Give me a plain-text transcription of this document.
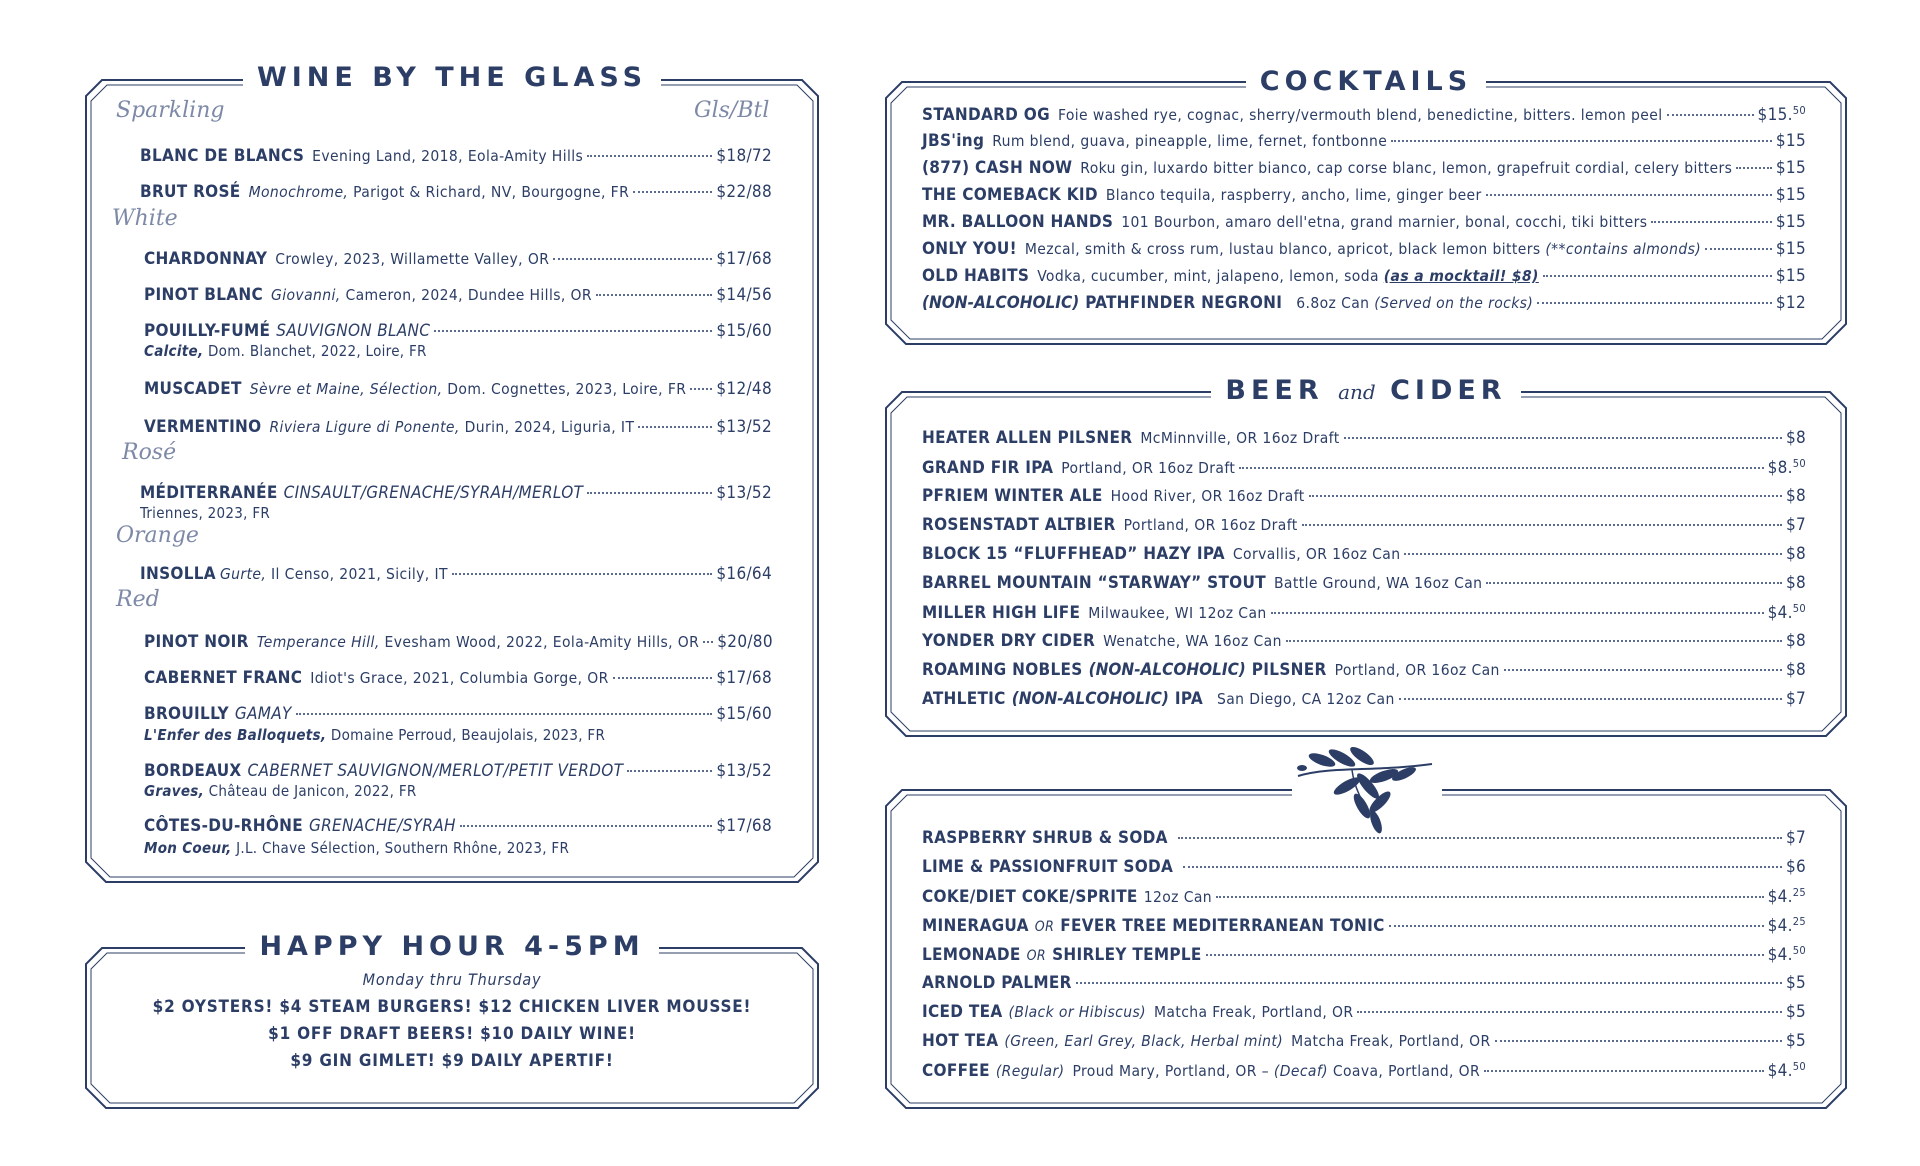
WINE BY THE GLASS
Sparkling	Gls/Btl
BLANC DE BLANCS Evening Land, 2018, Eola-Amity Hills	$18/72
BRUT ROSÉ Monochrome, Parigot & Richard, NV, Bourgogne, FR	$22/88
White
CHARDONNAY Crowley, 2023, Willamette Valley, OR	$17/68
PINOT BLANC Giovanni, Cameron, 2024, Dundee Hills, OR	$14/56
POUILLY-FUMÉ SAUVIGNON BLANC	$15/60
Calcite, Dom. Blanchet, 2022, Loire, FR
MUSCADET Sèvre et Maine, Sélection, Dom. Cognettes, 2023, Loire, FR $12/48
VERMENTINO Riviera Ligure di Ponente, Durin, 2024, Liguria, IT	$13/52
Rosé
MÉDITERRANÉE CINSAULT/GRENACHE/SYRAH/MERLOT	$13/52
Triennes, 2023, FR
Orange
INSOLLA Gurte, Il Censo, 2021, Sicily, IT	$16/64
Red
PINOT NOIR Temperance Hill, Evesham Wood, 2022, Eola-Amity Hills, OR $20/80
CABERNET FRANC Idiot's Grace, 2021, Columbia Gorge, OR	$17/68
BROUILLY GAMAY	$15/60
L'Enfer des Balloquets, Domaine Perroud, Beaujolais, 2023, FR
BORDEAUX CABERNET SAUVIGNON/MERLOT/PETIT VERDOT	$13/52
Graves, Château de Janicon, 2022, FR
CÔTES-DU-RHÔNE GRENACHE/SYRAH	$17/68
Mon Coeur, J.L. Chave Sélection, Southern Rhône, 2023, FR
HAPPY HOUR 4-5PM
Monday thru Thursday
$2 OYSTERS! $4 STEAM BURGERS! $12 CHICKEN LIVER MOUSSE!
$1 OFF DRAFT BEERS! $10 DAILY WINE!
$9 GIN GIMLET! $9 DAILY APERTIF!
COCKTAILS
STANDARD OG Foie washed rye, cognac, sherry/vermouth blend, benedictine, bitters. lemon peel	$15.50
JBS'ing Rum blend, guava, pineapple, lime, fernet, fontbonne	$15
(877) CASH NOW Roku gin, luxardo bitter bianco, cap corse blanc, lemon, grapefruit cordial, celery bitters	$15
THE COMEBACK KID Blanco tequila, raspberry, ancho, lime, ginger beer	$15
MR. BALLOON HANDS 101 Bourbon, amaro dell'etna, grand marnier, bonal, cocchi, tiki bitters	$15
ONLY YOU! Mezcal, smith & cross rum, lustau blanco, apricot, black lemon bitters (**contains almonds)	$15
OLD HABITS Vodka, cucumber, mint, jalapeno, lemon, soda (as a mocktail! $8)	$15
(NON-ALCOHOLIC) PATHFINDER NEGRONI 6.8oz Can (Served on the rocks)	$12
BEER and CIDER
HEATER ALLEN PILSNER McMinnville, OR 16oz Draft	$8
GRAND FIR IPA Portland, OR 16oz Draft	$8.50
PFRIEM WINTER ALE Hood River, OR 16oz Draft	$8
ROSENSTADT ALTBIER Portland, OR 16oz Draft	$7
BLOCK 15 “FLUFFHEAD” HAZY IPA Corvallis, OR 16oz Can	$8
BARREL MOUNTAIN “STARWAY” STOUT Battle Ground, WA 16oz Can	$8
MILLER HIGH LIFE Milwaukee, WI 12oz Can	$4.50
YONDER DRY CIDER Wenatche, WA 16oz Can	$8
ROAMING NOBLES (NON-ALCOHOLIC) PILSNER Portland, OR 16oz Can	$8
ATHLETIC (NON-ALCOHOLIC) IPA San Diego, CA 12oz Can	$7
RASPBERRY SHRUB & SODA	$7
LIME & PASSIONFRUIT SODA	$6
COKE/DIET COKE/SPRITE 12oz Can	$4.25
MINERAGUA OR FEVER TREE MEDITERRANEAN TONIC	$4.25
LEMONADE OR SHIRLEY TEMPLE	$4.50
ARNOLD PALMER	$5
ICED TEA (Black or Hibiscus) Matcha Freak, Portland, OR	$5
HOT TEA (Green, Earl Grey, Black, Herbal mint) Matcha Freak, Portland, OR	$5
COFFEE (Regular) Proud Mary, Portland, OR – (Decaf) Coava, Portland, OR	$4.50
